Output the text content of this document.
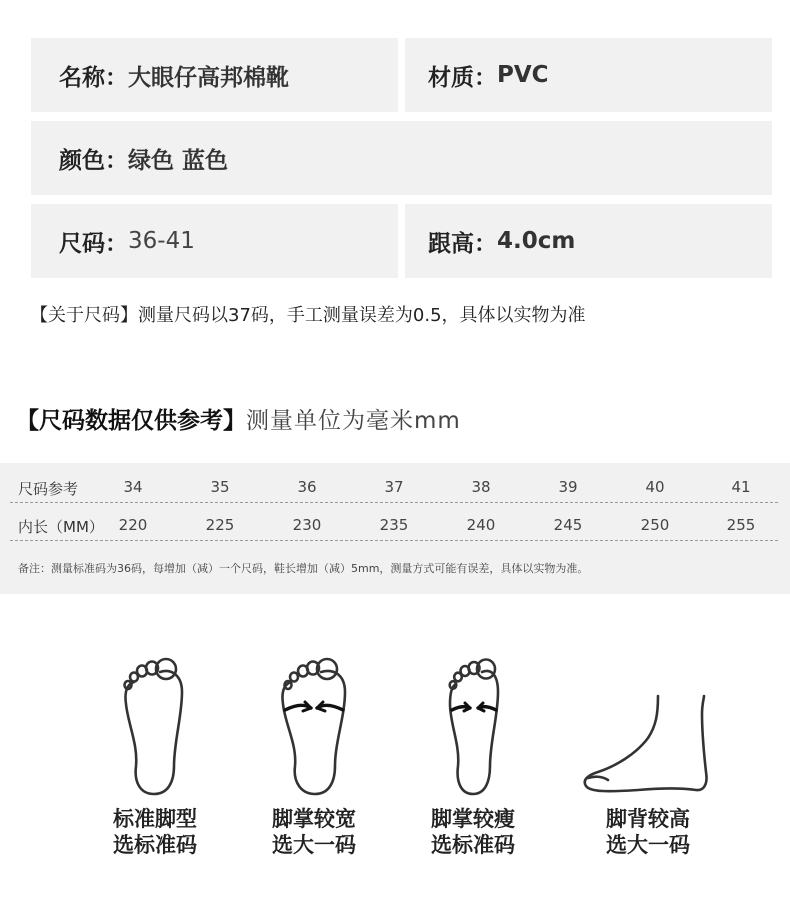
名称： 大眼仔高邦棉靴	材质： PVC
颜色： 绿色 蓝色
尺码： 36-41	跟高： 4.0cm
【关于尺码】测量尺码以37码，手工测量误差为0.5，具体以实物为准
【尺码数据仅供参考】测量单位为毫米mm
尺码参考	34	35	36	37	38	39	40	41
内长（MM） 220	225	230	235	240	245	250	255
备注：测量标准码为36码，每增加（减）一个尺码，鞋长增加（减）5mm，测量方式可能有误差，具体以实物为准。
标准脚型
选标准码
脚掌较宽
选大一码
脚掌较瘦
选标准码
脚背较高
选大一码
